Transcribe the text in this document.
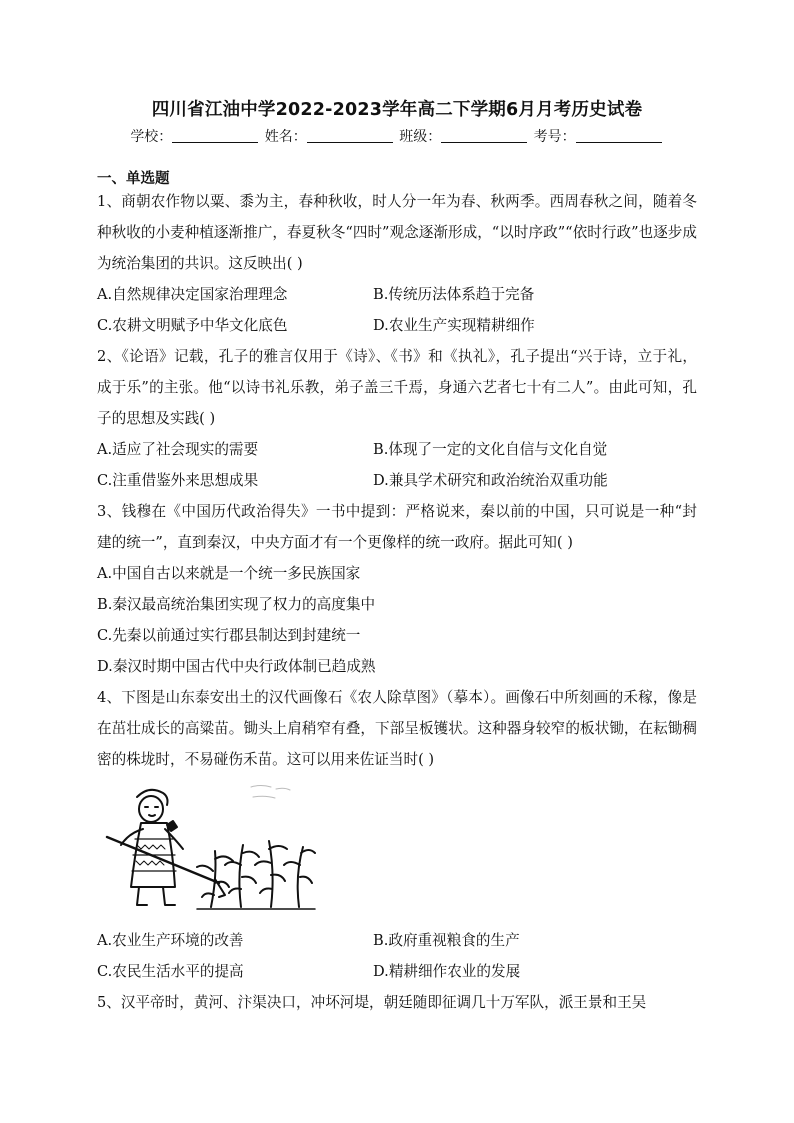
四川省江油中学2022-2023学年高二下学期6月月考历史试卷
学校：	姓名：	班级：	考号：
一、单选题

1、商朝农作物以粟、黍为主，春种秋收，时人分一年为春、秋两季。西周春秋之间，随着冬种秋收的小麦种植逐渐推广，春夏秋冬“四时”观念逐渐形成，“以时序政”“依时行政”也逐步成为统治集团的共识。这反映出( )

A.自然规律决定国家治理理念	B.传统历法体系趋于完备
C.农耕文明赋予中华文化底色	D.农业生产实现精耕细作

2、《论语》记载，孔子的雅言仅用于《诗》、《书》和《执礼》，孔子提出“兴于诗，立于礼，成于乐”的主张。他“以诗书礼乐教，弟子盖三千焉，身通六艺者七十有二人”。由此可知，孔子的思想及实践( )

A.适应了社会现实的需要	B.体现了一定的文化自信与文化自觉
C.注重借鉴外来思想成果	D.兼具学术研究和政治统治双重功能

3、钱穆在《中国历代政治得失》一书中提到：严格说来，秦以前的中国，只可说是一种“封建的统一”，直到秦汉，中央方面才有一个更像样的统一政府。据此可知( )

A.中国自古以来就是一个统一多民族国家

B.秦汉最高统治集团实现了权力的高度集中

C.先秦以前通过实行郡县制达到封建统一

D.秦汉时期中国古代中央行政体制已趋成熟

4、下图是山东泰安出土的汉代画像石《农人除草图》（摹本）。画像石中所刻画的禾稼，像是在茁壮成长的高粱苗。锄头上肩稍窄有叠，下部呈板镬状。这种器身较窄的板状锄，在耘锄稠密的株垅时，不易碰伤禾苗。这可以用来佐证当时( )

A.农业生产环境的改善	B.政府重视粮食的生产
C.农民生活水平的提高	D.精耕细作农业的发展

5、汉平帝时，黄河、汴渠决口，冲坏河堤，朝廷随即征调几十万军队，派王景和王吴
